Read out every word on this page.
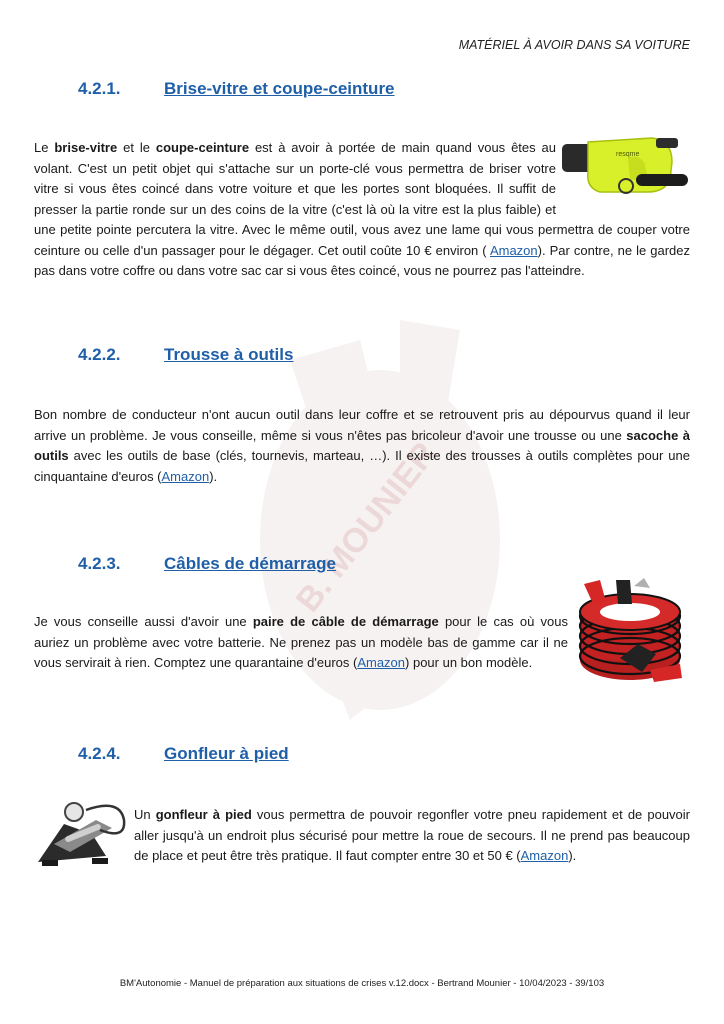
B. MOUNIER
MATÉRIEL À AVOIR DANS SA VOITURE
4.2.1.	Brise-vitre et coupe-ceinture
resqme
Le brise-vitre et le coupe-ceinture est à avoir à portée de main quand vous êtes au volant. C'est un petit objet qui s'attache sur un porte-clé vous permettra de briser votre vitre si vous êtes coincé dans votre voiture et que les portes sont bloquées. Il suffit de presser la partie ronde sur un des coins de la vitre (c'est là où la vitre est la plus faible) et une petite pointe percutera la vitre. Avec le même outil, vous avez une lame qui vous permettra de couper votre ceinture ou celle d'un passager pour le dégager. Cet outil coûte 10 € environ ( Amazon). Par contre, ne le gardez pas dans votre coffre ou dans votre sac car si vous êtes coincé, vous ne pourrez pas l'atteindre.
4.2.2.	Trousse à outils
Bon nombre de conducteur n'ont aucun outil dans leur coffre et se retrouvent pris au dépourvus quand il leur arrive un problème. Je vous conseille, même si vous n'êtes pas bricoleur d'avoir une trousse ou une sacoche à outils avec les outils de base (clés, tournevis, marteau, …). Il existe des trousses à outils complètes pour une cinquantaine d'euros (Amazon).
4.2.3.	Câbles de démarrage
Je vous conseille aussi d'avoir une paire de câble de démarrage pour le cas où vous auriez un problème avec votre batterie. Ne prenez pas un modèle bas de gamme car il ne vous servirait à rien. Comptez une quarantaine d'euros (Amazon) pour un bon modèle.
4.2.4.	Gonfleur à pied
Un gonfleur à pied vous permettra de pouvoir regonfler votre pneu rapidement et de pouvoir aller jusqu'à un endroit plus sécurisé pour mettre la roue de secours. Il ne prend pas beaucoup de place et peut être très pratique. Il faut compter entre 30 et 50 € (Amazon).
BM'Autonomie - Manuel de préparation aux situations de crises v.12.docx - Bertrand Mounier - 10/04/2023 - 39/103
